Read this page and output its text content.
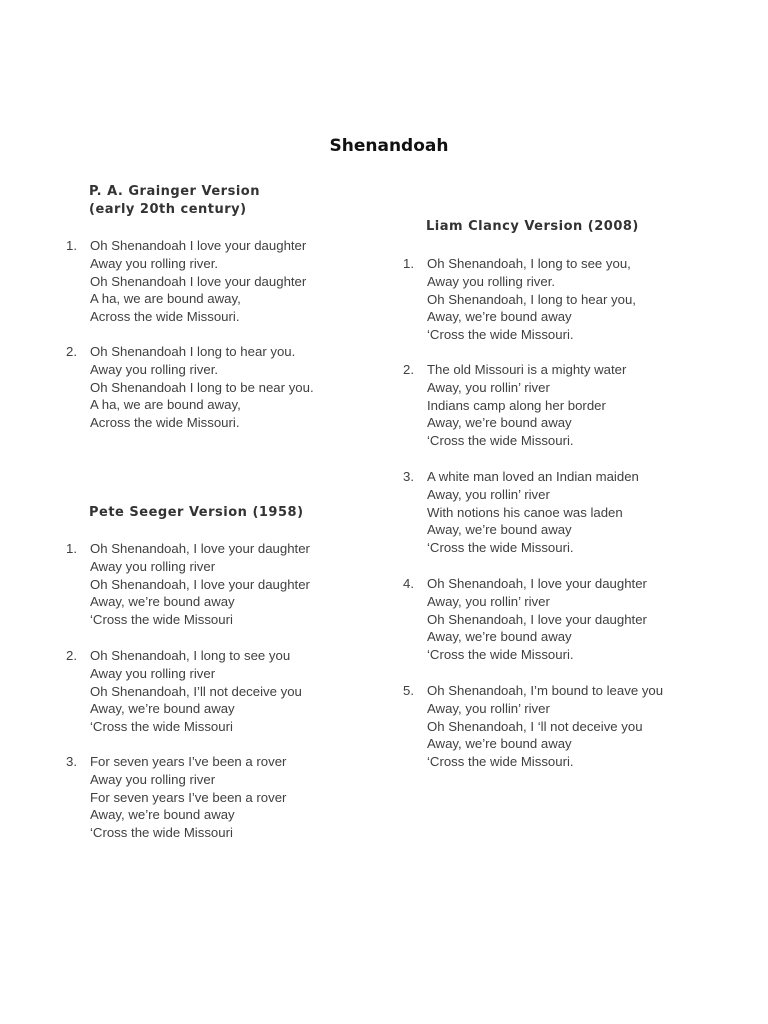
Shenandoah
P. A. Grainger Version
(early 20th century)
1. Oh Shenandoah I love your daughter
Away you rolling river.
Oh Shenandoah I love your daughter
A ha, we are bound away,
Across the wide Missouri.
2. Oh Shenandoah I long to hear you.
Away you rolling river.
Oh Shenandoah I long to be near you.
A ha, we are bound away,
Across the wide Missouri.
Pete Seeger Version (1958)
1. Oh Shenandoah, I love your daughter
Away you rolling river
Oh Shenandoah, I love your daughter
Away, we’re bound away
‘Cross the wide Missouri
2. Oh Shenandoah, I long to see you
Away you rolling river
Oh Shenandoah, I’ll not deceive you
Away, we’re bound away
‘Cross the wide Missouri
3. For seven years I’ve been a rover
Away you rolling river
For seven years I’ve been a rover
Away, we’re bound away
‘Cross the wide Missouri
Liam Clancy Version (2008)
1. Oh Shenandoah, I long to see you,
Away you rolling river.
Oh Shenandoah, I long to hear you,
Away, we’re bound away
‘Cross the wide Missouri.
2. The old Missouri is a mighty water
Away, you rollin’ river
Indians camp along her border
Away, we’re bound away
‘Cross the wide Missouri.
3. A white man loved an Indian maiden
Away, you rollin’ river
With notions his canoe was laden
Away, we’re bound away
‘Cross the wide Missouri.
4. Oh Shenandoah, I love your daughter
Away, you rollin’ river
Oh Shenandoah, I love your daughter
Away, we’re bound away
‘Cross the wide Missouri.
5. Oh Shenandoah, I’m bound to leave you
Away, you rollin’ river
Oh Shenandoah, I ‘ll not deceive you
Away, we’re bound away
‘Cross the wide Missouri.
